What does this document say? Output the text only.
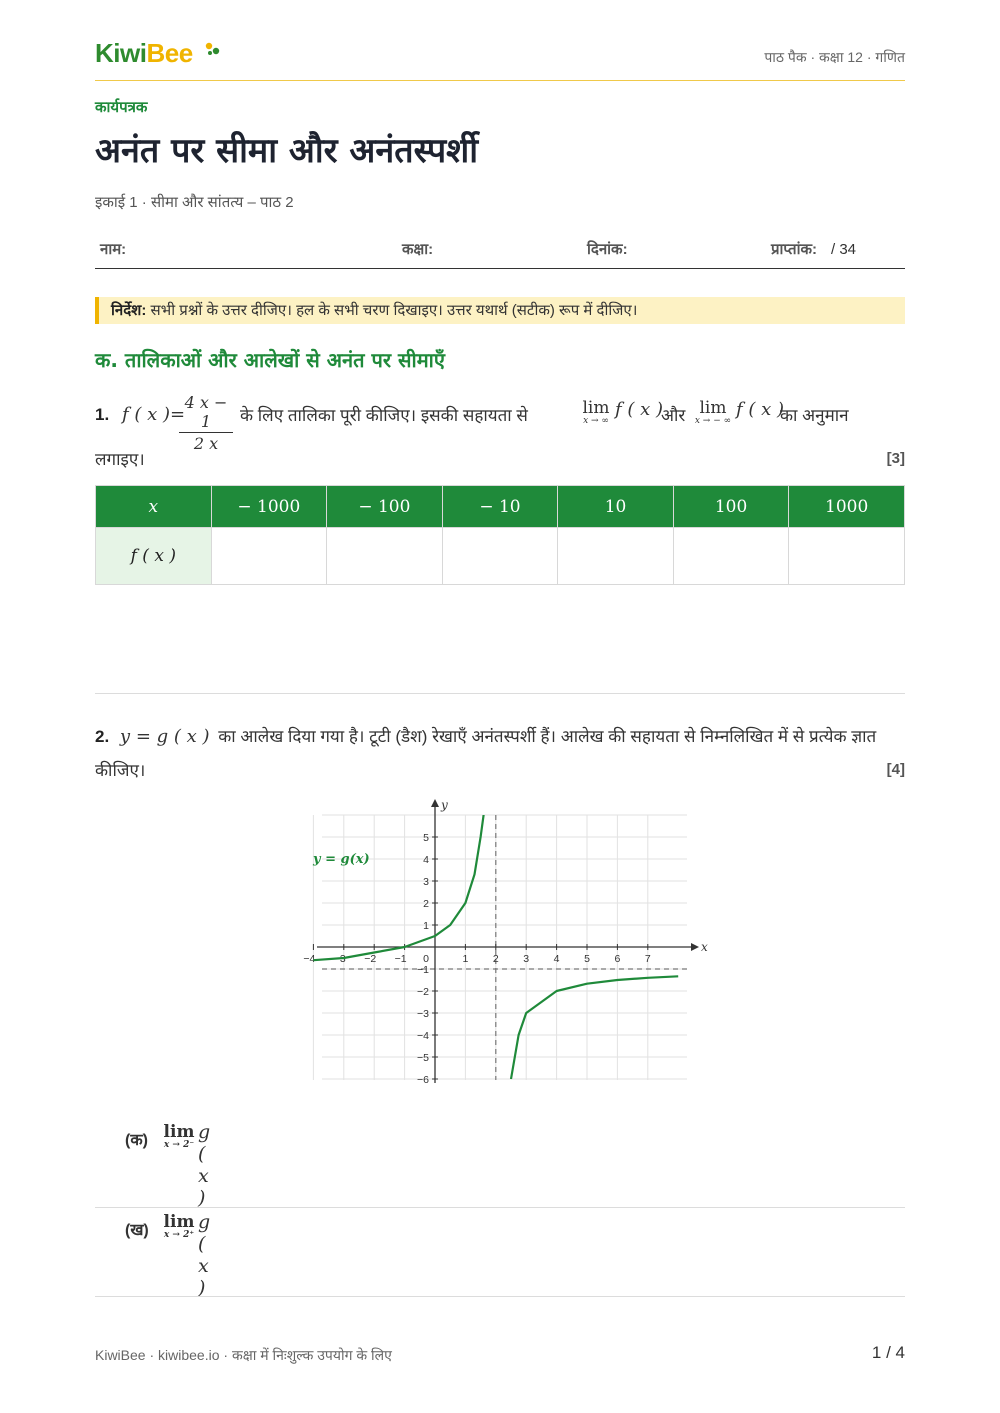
KiwiBee	पाठ पैक · कक्षा 12 · गणित
कार्यपत्रक
अनंत पर सीमा और अनंतस्पर्शी
इकाई 1 · सीमा और सांतत्य – पाठ 2
नाम:	कक्षा:	दिनांक:	प्राप्तांक: / 34
निर्देश: सभी प्रश्नों के उत्तर दीजिए। हल के सभी चरण दिखाइए। उत्तर यथार्थ (सटीक) रूप में दीजिए।
क. तालिकाओं और आलेखों से अनंत पर सीमाएँ
1. f ( x )=
$\frac{4 x - 1}{2 x}$ के लिए तालिका पूरी कीजिए। इसकी सहायता से	lim
x → ∞
f ( x )
और lim
x → − ∞
f ( x )
का अनुमान
लगाइए।	[3]
x	− 1000	− 100	− 10	10	100	1000
f ( x )						
2. y = g ( x ) का आलेख दिया गया है। टूटी (डैश) रेखाएँ अनंतस्पर्शी हैं। आलेख की सहायता से निम्नलिखित में से प्रत्येक ज्ञात कीजिए।	[4]
x
y
−4 −3 −2 −1	1 2 3 4 5 6 7
−6
−5
−4
−3
−2
1
2
3
4
5
0
−1
y = g(x)
(क) lim
x → 2⁻
g ( x )
(ख) lim
x → 2⁺
g ( x )
KiwiBee · kiwibee.io · कक्षा में निःशुल्क उपयोग के लिए	1 / 4
